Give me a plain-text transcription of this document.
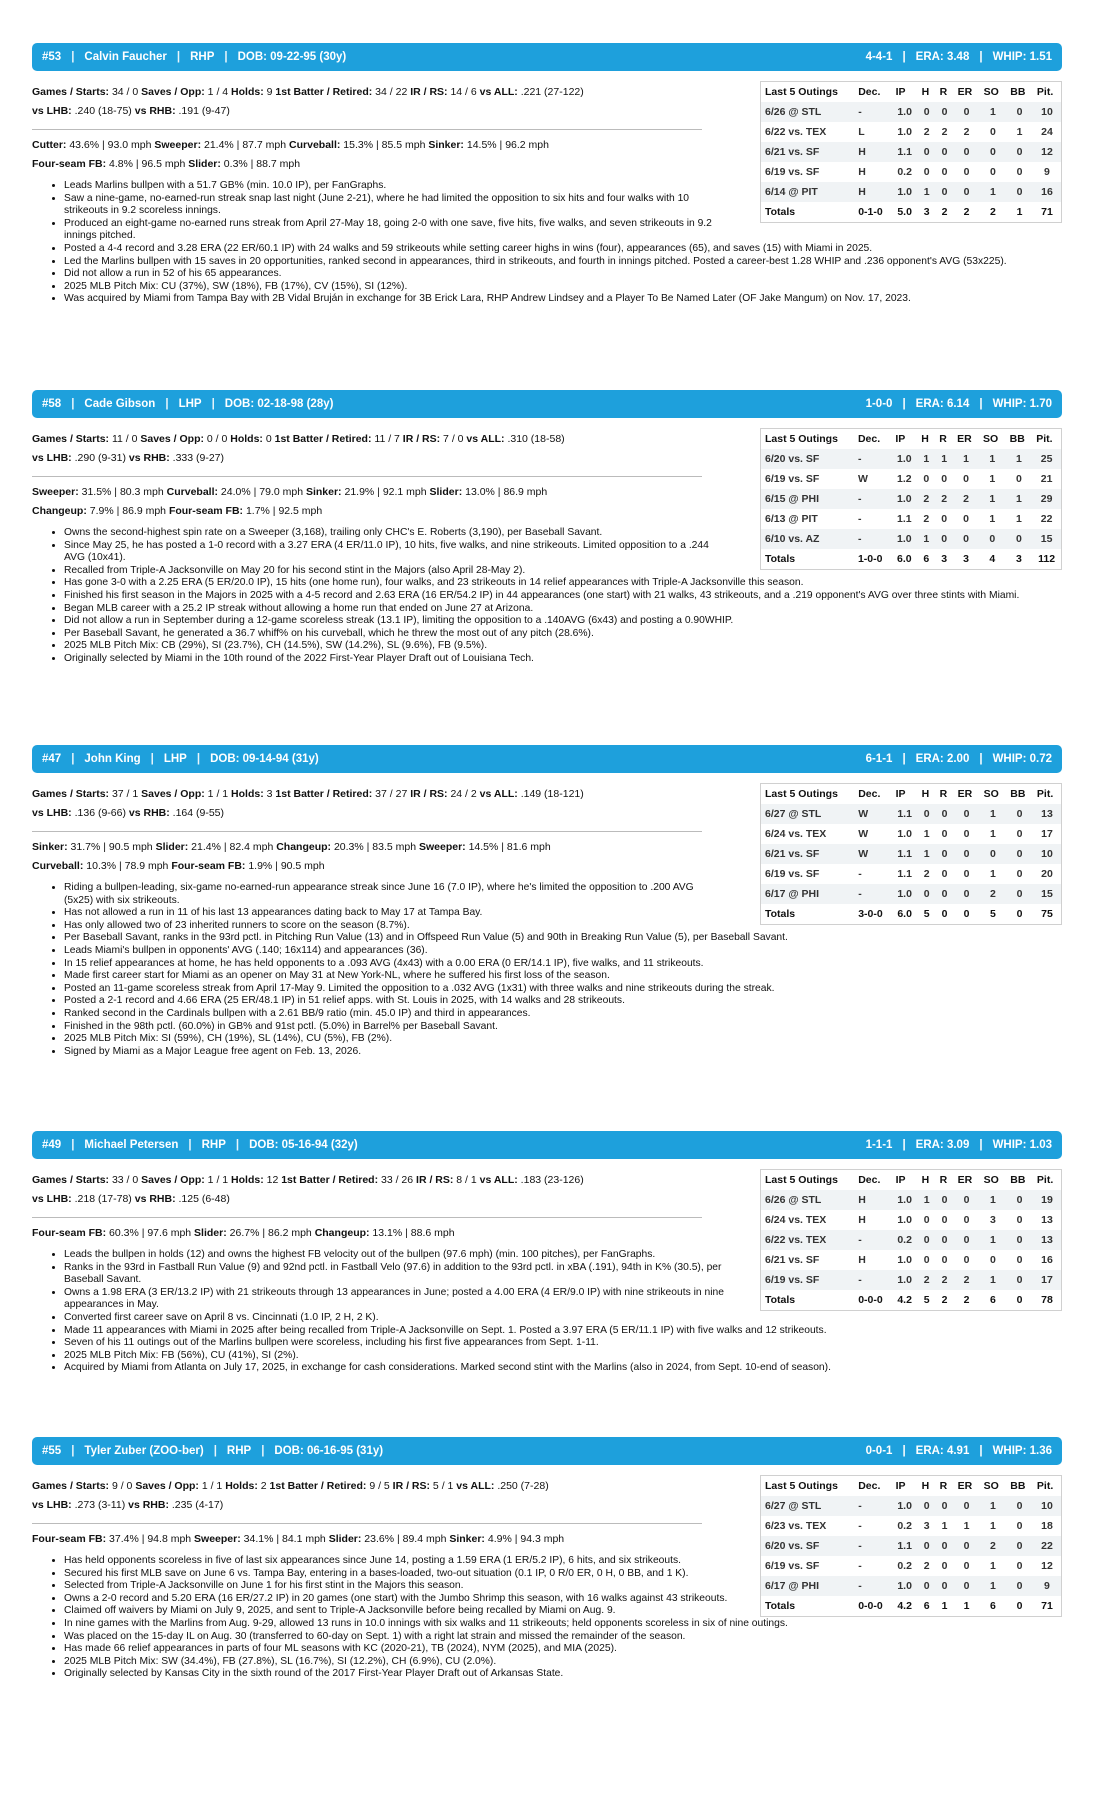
#53 | Calvin Faucher | RHP | DOB: 09-22-95 (30y)	4-4-1 | ERA: 3.48 | WHIP: 1.51
Last 5 Outings	Dec.	IP	H	R	ER	SO	BB	Pit.
6/26 @ STL	-	1.0	0	0	0	1	0	10
6/22 vs. TEX	L	1.0	2	2	2	0	1	24
6/21 vs. SF	H	1.1	0	0	0	0	0	12
6/19 vs. SF	H	0.2	0	0	0	0	0	9
6/14 @ PIT	H	1.0	1	0	0	1	0	16
Totals	0-1-0	5.0	3	2	2	2	1	71
Games / Starts: 34 / 0 Saves / Opp: 1 / 4 Holds: 9 1st Batter / Retired: 34 / 22 IR / RS: 14 / 6 vs ALL: .221 (27-122)
vs LHB: .240 (18-75) vs RHB: .191 (9-47)
Cutter: 43.6% | 93.0 mph Sweeper: 21.4% | 87.7 mph Curveball: 15.3% | 85.5 mph Sinker: 14.5% | 96.2 mph
Four-seam FB: 4.8% | 96.5 mph Slider: 0.3% | 88.7 mph
• Leads Marlins bullpen with a 51.7 GB% (min. 10.0 IP), per FanGraphs.
• Saw a nine-game, no-earned-run streak snap last night (June 2-21), where he had limited the opposition to six hits and four walks with 10 strikeouts in 9.2 scoreless innings.
• Produced an eight-game no-earned runs streak from April 27-May 18, going 2-0 with one save, five hits, five walks, and seven strikeouts in 9.2 innings pitched.
• Posted a 4-4 record and 3.28 ERA (22 ER/60.1 IP) with 24 walks and 59 strikeouts while setting career highs in wins (four), appearances (65), and saves (15) with Miami in 2025.
• Led the Marlins bullpen with 15 saves in 20 opportunities, ranked second in appearances, third in strikeouts, and fourth in innings pitched. Posted a career-best 1.28 WHIP and .236 opponent's AVG (53x225).
• Did not allow a run in 52 of his 65 appearances.
• 2025 MLB Pitch Mix: CU (37%), SW (18%), FB (17%), CV (15%), SI (12%).
• Was acquired by Miami from Tampa Bay with 2B Vidal Bruján in exchange for 3B Erick Lara, RHP Andrew Lindsey and a Player To Be Named Later (OF Jake Mangum) on Nov. 17, 2023.
#58 | Cade Gibson | LHP | DOB: 02-18-98 (28y)	1-0-0 | ERA: 6.14 | WHIP: 1.70
Last 5 Outings	Dec.	IP	H	R	ER	SO	BB	Pit.
6/20 vs. SF	-	1.0	1	1	1	1	1	25
6/19 vs. SF	W	1.2	0	0	0	1	0	21
6/15 @ PHI	-	1.0	2	2	2	1	1	29
6/13 @ PIT	-	1.1	2	0	0	1	1	22
6/10 vs. AZ	-	1.0	1	0	0	0	0	15
Totals	1-0-0	6.0	6	3	3	4	3	112
Games / Starts: 11 / 0 Saves / Opp: 0 / 0 Holds: 0 1st Batter / Retired: 11 / 7 IR / RS: 7 / 0 vs ALL: .310 (18-58)
vs LHB: .290 (9-31) vs RHB: .333 (9-27)
Sweeper: 31.5% | 80.3 mph Curveball: 24.0% | 79.0 mph Sinker: 21.9% | 92.1 mph Slider: 13.0% | 86.9 mph
Changeup: 7.9% | 86.9 mph Four-seam FB: 1.7% | 92.5 mph
• Owns the second-highest spin rate on a Sweeper (3,168), trailing only CHC's E. Roberts (3,190), per Baseball Savant.
• Since May 25, he has posted a 1-0 record with a 3.27 ERA (4 ER/11.0 IP), 10 hits, five walks, and nine strikeouts. Limited opposition to a .244 AVG (10x41).
• Recalled from Triple-A Jacksonville on May 20 for his second stint in the Majors (also April 28-May 2).
• Has gone 3-0 with a 2.25 ERA (5 ER/20.0 IP), 15 hits (one home run), four walks, and 23 strikeouts in 14 relief appearances with Triple-A Jacksonville this season.
• Finished his first season in the Majors in 2025 with a 4-5 record and 2.63 ERA (16 ER/54.2 IP) in 44 appearances (one start) with 21 walks, 43 strikeouts, and a .219 opponent's AVG over three stints with Miami.
• Began MLB career with a 25.2 IP streak without allowing a home run that ended on June 27 at Arizona.
• Did not allow a run in September during a 12-game scoreless streak (13.1 IP), limiting the opposition to a .140AVG (6x43) and posting a 0.90WHIP.
• Per Baseball Savant, he generated a 36.7 whiff% on his curveball, which he threw the most out of any pitch (28.6%).
• 2025 MLB Pitch Mix: CB (29%), SI (23.7%), CH (14.5%), SW (14.2%), SL (9.6%), FB (9.5%).
• Originally selected by Miami in the 10th round of the 2022 First-Year Player Draft out of Louisiana Tech.
#47 | John King | LHP | DOB: 09-14-94 (31y)	6-1-1 | ERA: 2.00 | WHIP: 0.72
Last 5 Outings	Dec.	IP	H	R	ER	SO	BB	Pit.
6/27 @ STL	W	1.1	0	0	0	1	0	13
6/24 vs. TEX	W	1.0	1	0	0	1	0	17
6/21 vs. SF	W	1.1	1	0	0	0	0	10
6/19 vs. SF	-	1.1	2	0	0	1	0	20
6/17 @ PHI	-	1.0	0	0	0	2	0	15
Totals	3-0-0	6.0	5	0	0	5	0	75
Games / Starts: 37 / 1 Saves / Opp: 1 / 1 Holds: 3 1st Batter / Retired: 37 / 27 IR / RS: 24 / 2 vs ALL: .149 (18-121)
vs LHB: .136 (9-66) vs RHB: .164 (9-55)
Sinker: 31.7% | 90.5 mph Slider: 21.4% | 82.4 mph Changeup: 20.3% | 83.5 mph Sweeper: 14.5% | 81.6 mph
Curveball: 10.3% | 78.9 mph Four-seam FB: 1.9% | 90.5 mph
• Riding a bullpen-leading, six-game no-earned-run appearance streak since June 16 (7.0 IP), where he's limited the opposition to .200 AVG (5x25) with six strikeouts.
• Has not allowed a run in 11 of his last 13 appearances dating back to May 17 at Tampa Bay.
• Has only allowed two of 23 inherited runners to score on the season (8.7%).
• Per Baseball Savant, ranks in the 93rd pctl. in Pitching Run Value (13) and in Offspeed Run Value (5) and 90th in Breaking Run Value (5), per Baseball Savant.
• Leads Miami's bullpen in opponents' AVG (.140; 16x114) and appearances (36).
• In 15 relief appearances at home, he has held opponents to a .093 AVG (4x43) with a 0.00 ERA (0 ER/14.1 IP), five walks, and 11 strikeouts.
• Made first career start for Miami as an opener on May 31 at New York-NL, where he suffered his first loss of the season.
• Posted an 11-game scoreless streak from April 17-May 9. Limited the opposition to a .032 AVG (1x31) with three walks and nine strikeouts during the streak.
• Posted a 2-1 record and 4.66 ERA (25 ER/48.1 IP) in 51 relief apps. with St. Louis in 2025, with 14 walks and 28 strikeouts.
• Ranked second in the Cardinals bullpen with a 2.61 BB/9 ratio (min. 45.0 IP) and third in appearances.
• Finished in the 98th pctl. (60.0%) in GB% and 91st pctl. (5.0%) in Barrel% per Baseball Savant.
• 2025 MLB Pitch Mix: SI (59%), CH (19%), SL (14%), CU (5%), FB (2%).
• Signed by Miami as a Major League free agent on Feb. 13, 2026.
#49 | Michael Petersen | RHP | DOB: 05-16-94 (32y)	1-1-1 | ERA: 3.09 | WHIP: 1.03
Last 5 Outings	Dec.	IP	H	R	ER	SO	BB	Pit.
6/26 @ STL	H	1.0	1	0	0	1	0	19
6/24 vs. TEX	H	1.0	0	0	0	3	0	13
6/22 vs. TEX	-	0.2	0	0	0	1	0	13
6/21 vs. SF	H	1.0	0	0	0	0	0	16
6/19 vs. SF	-	1.0	2	2	2	1	0	17
Totals	0-0-0	4.2	5	2	2	6	0	78
Games / Starts: 33 / 0 Saves / Opp: 1 / 1 Holds: 12 1st Batter / Retired: 33 / 26 IR / RS: 8 / 1 vs ALL: .183 (23-126)
vs LHB: .218 (17-78) vs RHB: .125 (6-48)
Four-seam FB: 60.3% | 97.6 mph Slider: 26.7% | 86.2 mph Changeup: 13.1% | 88.6 mph
• Leads the bullpen in holds (12) and owns the highest FB velocity out of the bullpen (97.6 mph) (min. 100 pitches), per FanGraphs.
• Ranks in the 93rd in Fastball Run Value (9) and 92nd pctl. in Fastball Velo (97.6) in addition to the 93rd pctl. in xBA (.191), 94th in K% (30.5), per Baseball Savant.
• Owns a 1.98 ERA (3 ER/13.2 IP) with 21 strikeouts through 13 appearances in June; posted a 4.00 ERA (4 ER/9.0 IP) with nine strikeouts in nine appearances in May.
• Converted first career save on April 8 vs. Cincinnati (1.0 IP, 2 H, 2 K).
• Made 11 appearances with Miami in 2025 after being recalled from Triple-A Jacksonville on Sept. 1. Posted a 3.97 ERA (5 ER/11.1 IP) with five walks and 12 strikeouts.
• Seven of his 11 outings out of the Marlins bullpen were scoreless, including his first five appearances from Sept. 1-11.
• 2025 MLB Pitch Mix: FB (56%), CU (41%), SI (2%).
• Acquired by Miami from Atlanta on July 17, 2025, in exchange for cash considerations. Marked second stint with the Marlins (also in 2024, from Sept. 10-end of season).
#55 | Tyler Zuber (ZOO-ber) | RHP | DOB: 06-16-95 (31y)	0-0-1 | ERA: 4.91 | WHIP: 1.36
Last 5 Outings	Dec.	IP	H	R	ER	SO	BB	Pit.
6/27 @ STL	-	1.0	0	0	0	1	0	10
6/23 vs. TEX	-	0.2	3	1	1	1	0	18
6/20 vs. SF	-	1.1	0	0	0	2	0	22
6/19 vs. SF	-	0.2	2	0	0	1	0	12
6/17 @ PHI	-	1.0	0	0	0	1	0	9
Totals	0-0-0	4.2	6	1	1	6	0	71
Games / Starts: 9 / 0 Saves / Opp: 1 / 1 Holds: 2 1st Batter / Retired: 9 / 5 IR / RS: 5 / 1 vs ALL: .250 (7-28)
vs LHB: .273 (3-11) vs RHB: .235 (4-17)
Four-seam FB: 37.4% | 94.8 mph Sweeper: 34.1% | 84.1 mph Slider: 23.6% | 89.4 mph Sinker: 4.9% | 94.3 mph
• Has held opponents scoreless in five of last six appearances since June 14, posting a 1.59 ERA (1 ER/5.2 IP), 6 hits, and six strikeouts.
• Secured his first MLB save on June 6 vs. Tampa Bay, entering in a bases-loaded, two-out situation (0.1 IP, 0 R/0 ER, 0 H, 0 BB, and 1 K).
• Selected from Triple-A Jacksonville on June 1 for his first stint in the Majors this season.
• Owns a 2-0 record and 5.20 ERA (16 ER/27.2 IP) in 20 games (one start) with the Jumbo Shrimp this season, with 16 walks against 43 strikeouts.
• Claimed off waivers by Miami on July 9, 2025, and sent to Triple-A Jacksonville before being recalled by Miami on Aug. 9.
• In nine games with the Marlins from Aug. 9-29, allowed 13 runs in 10.0 innings with six walks and 11 strikeouts; held opponents scoreless in six of nine outings.
• Was placed on the 15-day IL on Aug. 30 (transferred to 60-day on Sept. 1) with a right lat strain and missed the remainder of the season.
• Has made 66 relief appearances in parts of four ML seasons with KC (2020-21), TB (2024), NYM (2025), and MIA (2025).
• 2025 MLB Pitch Mix: SW (34.4%), FB (27.8%), SL (16.7%), SI (12.2%), CH (6.9%), CU (2.0%).
• Originally selected by Kansas City in the sixth round of the 2017 First-Year Player Draft out of Arkansas State.
